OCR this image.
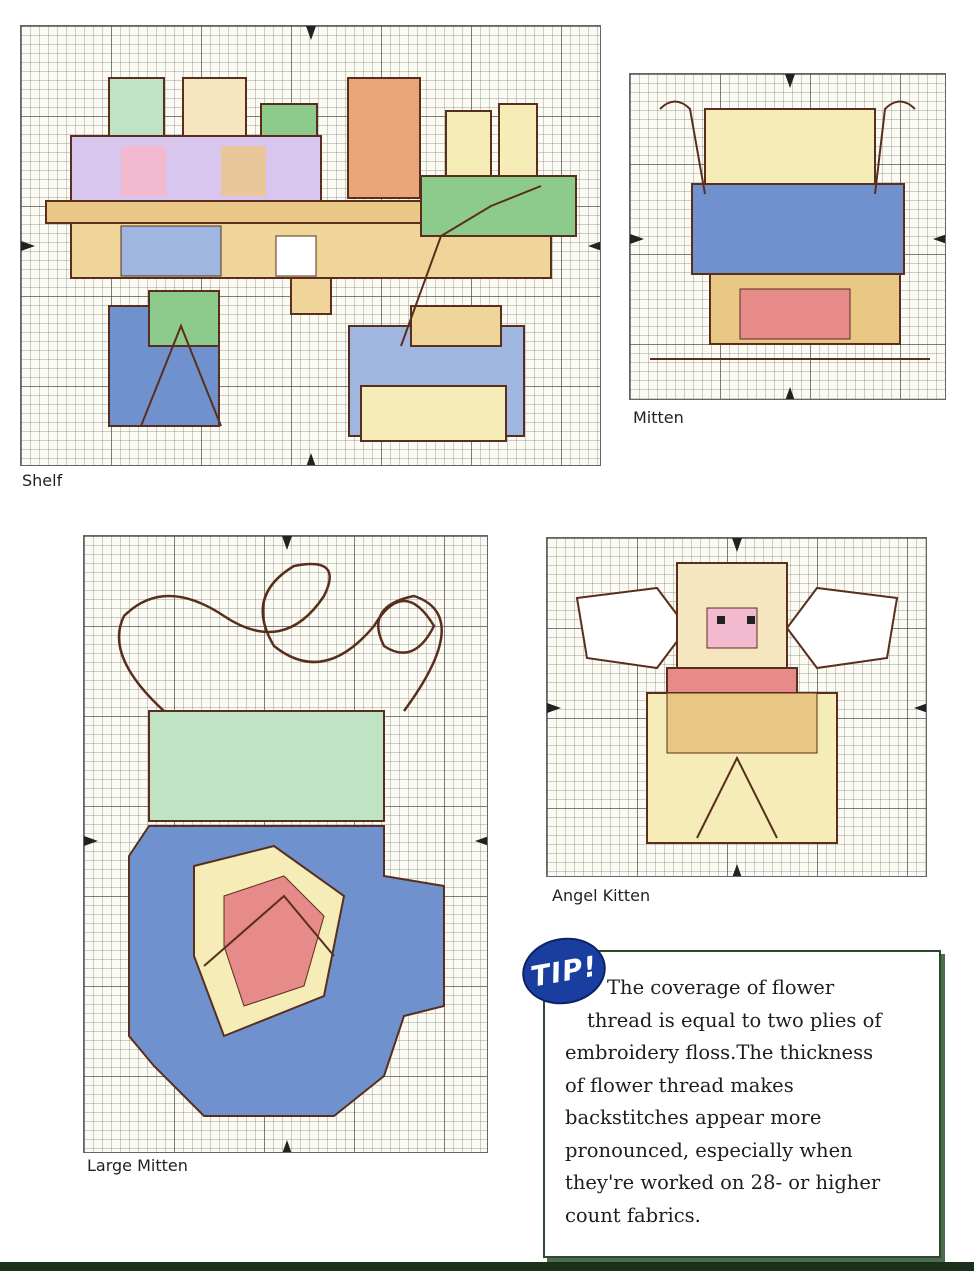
Shelf
Mitten
Large Mitten
Angel Kitten
The coverage of flower
thread is equal to two plies of
embroidery floss.The thickness
of flower thread makes
backstitches appear more
pronounced, especially when
they're worked on 28- or higher
count fabrics.
TIP!
